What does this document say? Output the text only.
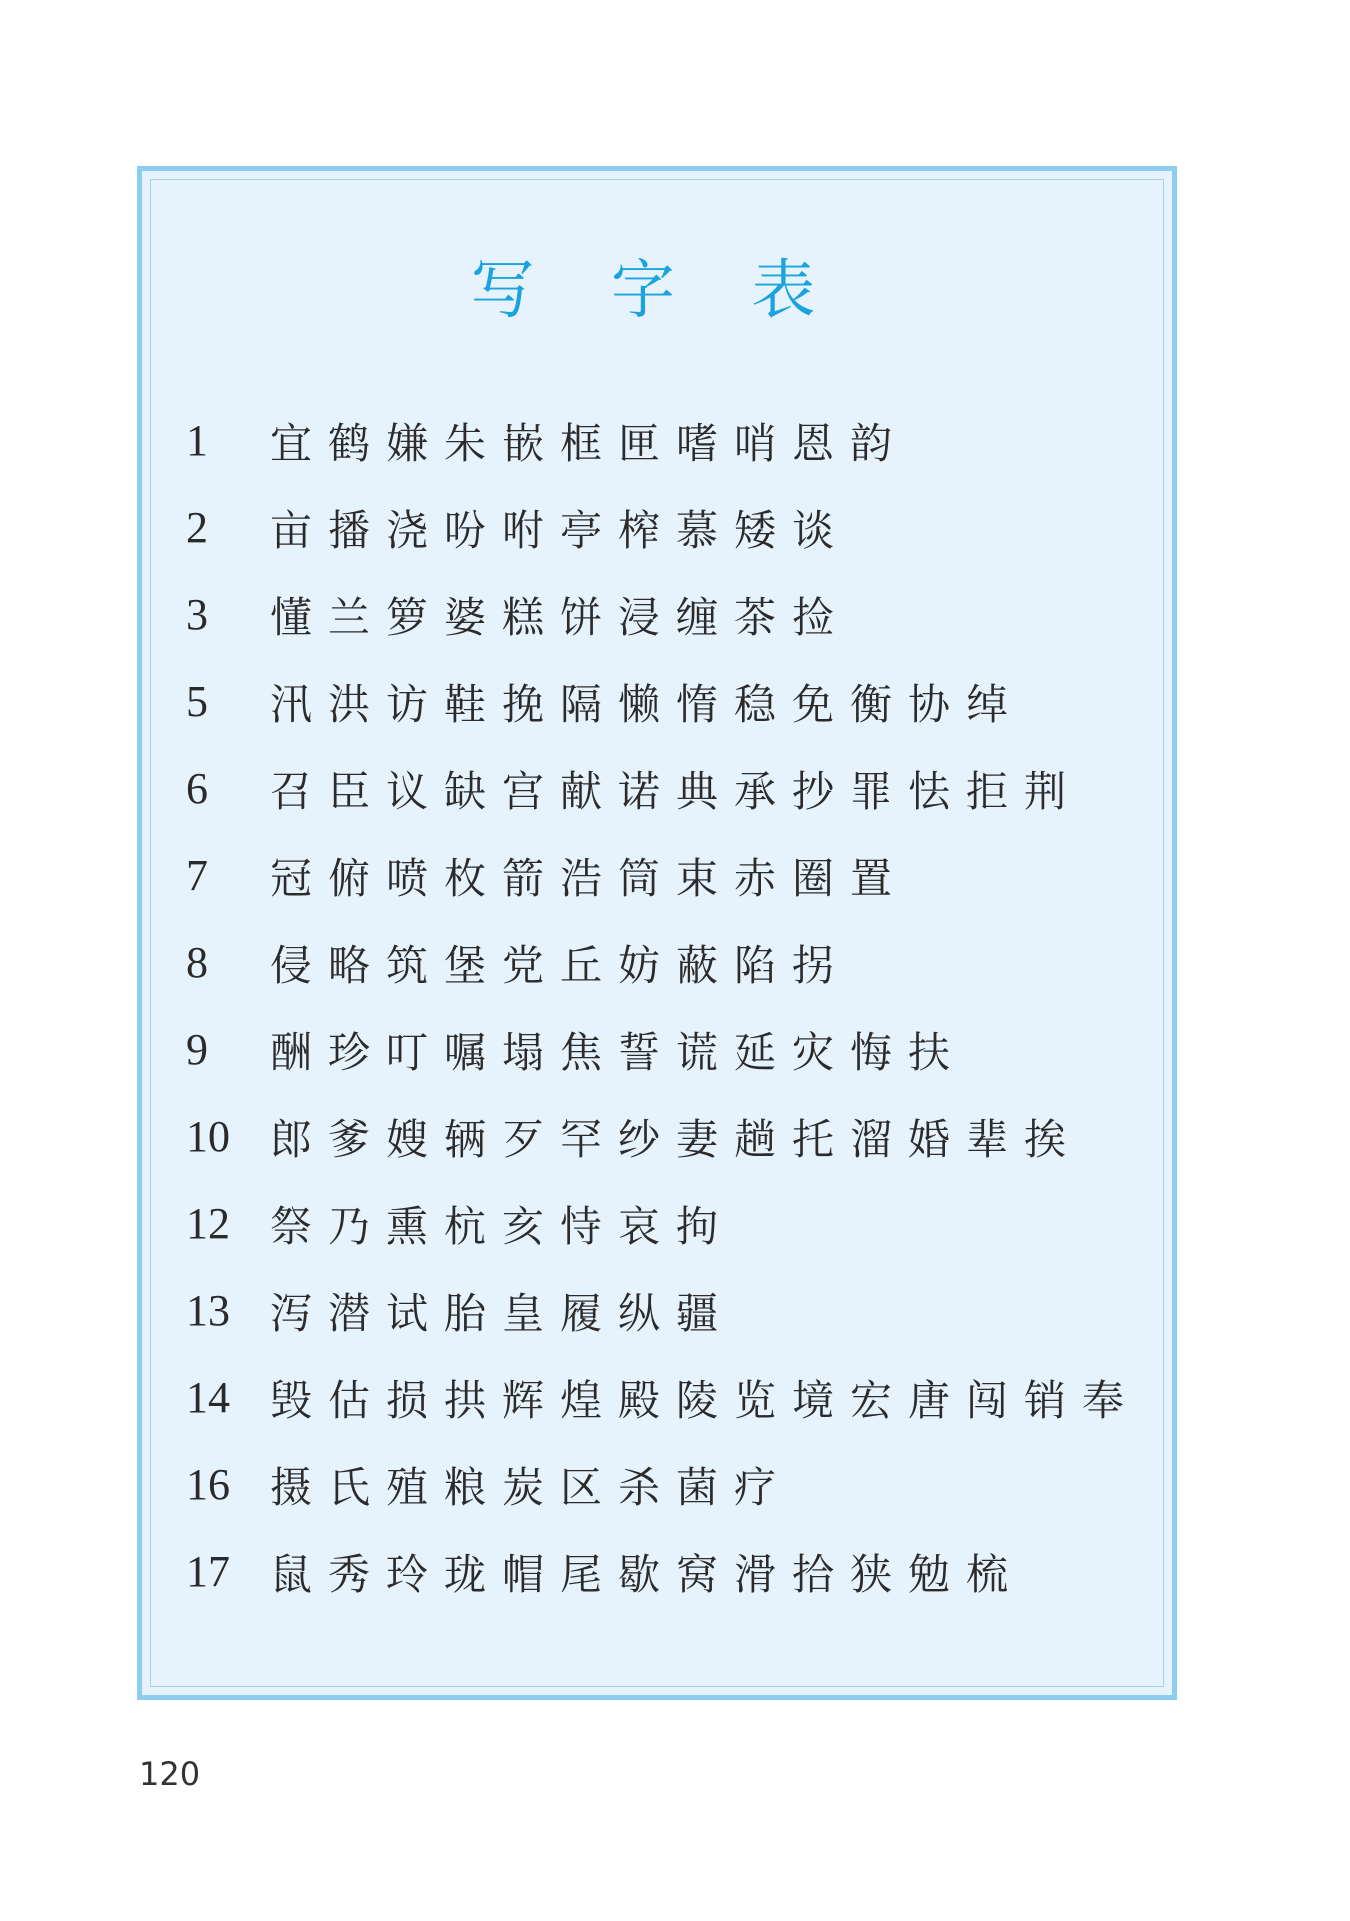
写 字 表
1	宜鹤嫌朱嵌框匣嗜哨恩韵
2	亩播浇吩咐亭榨慕矮谈
3	懂兰箩婆糕饼浸缠茶捡
5	汛洪访鞋挽隔懒惰稳免衡协绰
6	召臣议缺宫献诺典承抄罪怯拒荆
7	冠俯喷枚箭浩筒束赤圈置
8	侵略筑堡党丘妨蔽陷拐
9	酬珍叮嘱塌焦誓谎延灾悔扶
10 郎爹嫂辆歹罕纱妻趟托溜婚辈挨
12 祭乃熏杭亥恃哀拘
13 泻潜试胎皇履纵疆
14 毁估损拱辉煌殿陵览境宏唐闯销奉
16 摄氏殖粮炭区杀菌疗
17 鼠秀玲珑帽尾歇窝滑拾狭勉梳
120
